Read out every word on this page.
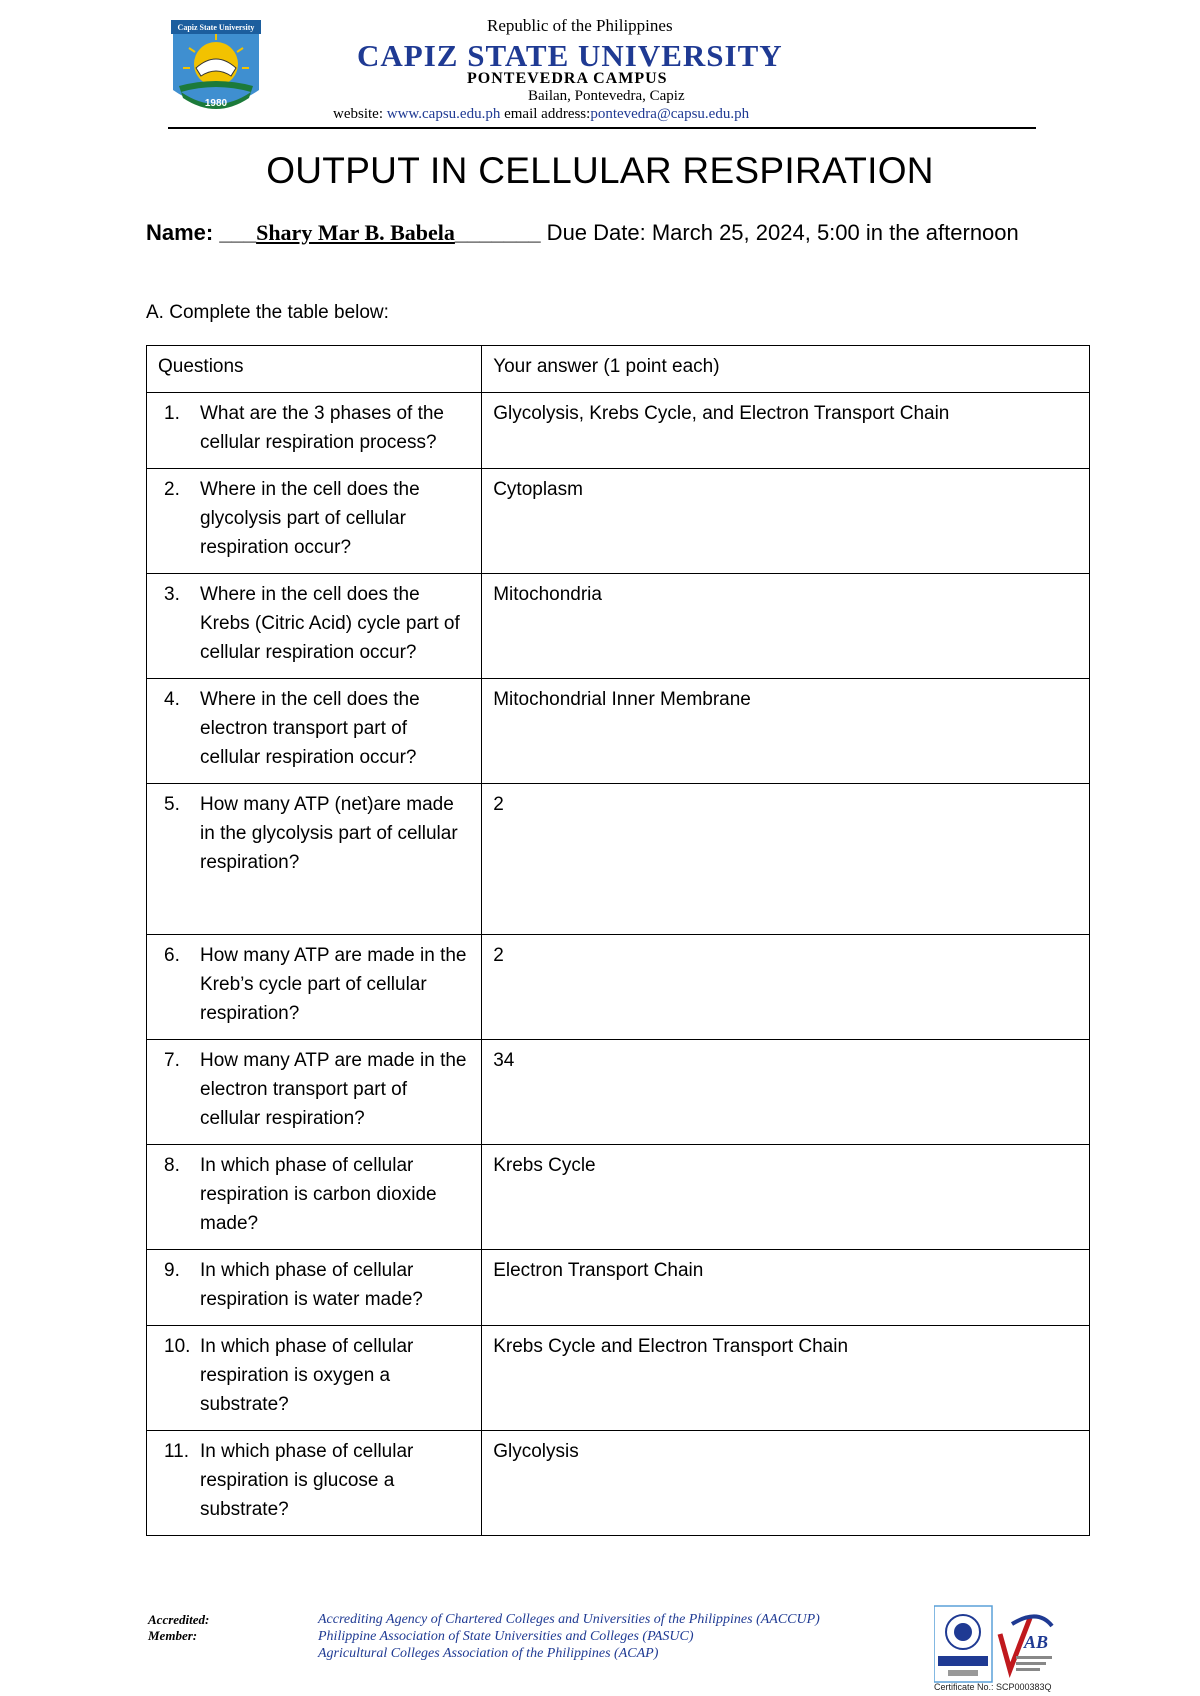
Capiz State University
1980
Republic of the Philippines
CAPIZ STATE UNIVERSITY
PONTEVEDRA CAMPUS
Bailan, Pontevedra, Capiz
website: www.capsu.edu.ph email address:pontevedra@capsu.edu.ph
OUTPUT IN CELLULAR RESPIRATION
Name: ___Shary Mar B. Babela_______ Due Date: March 25, 2024, 5:00 in the afternoon
A. Complete the table below:
Questions	Your answer (1 point each)

1. What are the 3 phases of the cellular respiration process?	Glycolysis, Krebs Cycle, and Electron Transport Chain

2. Where in the cell does the glycolysis part of cellular respiration occur?	Cytoplasm

3. Where in the cell does the Krebs (Citric Acid) cycle part of cellular respiration occur?	Mitochondria

4. Where in the cell does the electron transport part of cellular respiration occur?	Mitochondrial Inner Membrane

5. How many ATP (net)are made in the glycolysis part of cellular respiration?	2

6. How many ATP are made in the Kreb’s cycle part of cellular respiration?	2

7. How many ATP are made in the electron transport part of cellular respiration?	34

8. In which phase of cellular respiration is carbon dioxide made?	Krebs Cycle

9. In which phase of cellular respiration is water made?	Electron Transport Chain

10. In which phase of cellular respiration is oxygen a substrate?	Krebs Cycle and Electron Transport Chain

11. In which phase of cellular respiration is glucose a substrate?	Glycolysis
Accredited:
Member:
Accrediting Agency of Chartered Colleges and Universities of the Philippines (AACCUP)
Philippine Association of State Universities and Colleges (PASUC)
Agricultural Colleges Association of the Philippines (ACAP)
AB
Certificate No.: SCP000383Q
